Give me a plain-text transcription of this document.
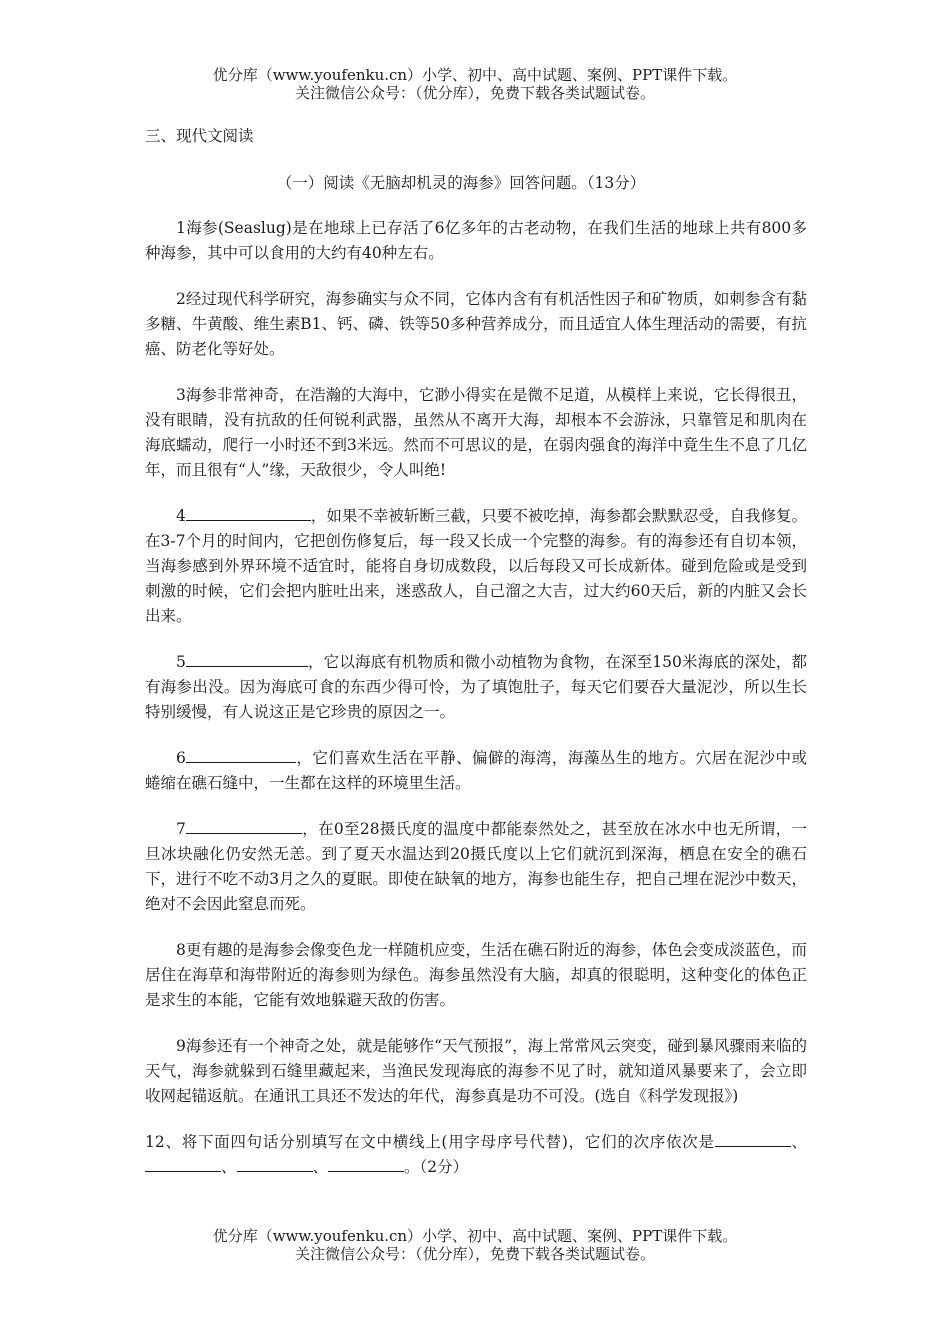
优分库（www.youfenku.cn）小学、初中、高中试题、案例、PPT课件下载。
关注微信公众号：（优分库），免费下载各类试题试卷。
三、现代文阅读
（一）阅读《无脑却机灵的海参》回答问题。（13分）

1海参(Seaslug)是在地球上已存活了6亿多年的古老动物，在我们生活的地球上共有800多种海参，其中可以食用的大约有40种左右。

2经过现代科学研究，海参确实与众不同，它体内含有有机活性因子和矿物质，如刺参含有黏多糖、牛黄酸、维生素B1、钙、磷、铁等50多种营养成分，而且适宜人体生理活动的需要，有抗癌、防老化等好处。

3海参非常神奇，在浩瀚的大海中，它渺小得实在是微不足道，从模样上来说，它长得很丑，没有眼睛，没有抗敌的任何锐利武器，虽然从不离开大海，却根本不会游泳，只靠管足和肌肉在海底蠕动，爬行一小时还不到3米远。然而不可思议的是，在弱肉强食的海洋中竟生生不息了几亿年，而且很有“人”缘，天敌很少，令人叫绝!

4	，如果不幸被斩断三截，只要不被吃掉，海参都会默默忍受，自我修复。在3-7个月的时间内，它把创伤修复后，每一段又长成一个完整的海参。有的海参还有自切本领，当海参感到外界环境不适宜时，能将自身切成数段，以后每段又可长成新体。碰到危险或是受到刺激的时候，它们会把内脏吐出来，迷惑敌人，自己溜之大吉，过大约60天后，新的内脏又会长出来。

5	，它以海底有机物质和微小动植物为食物，在深至150米海底的深处，都有海参出没。因为海底可食的东西少得可怜，为了填饱肚子，每天它们要吞大量泥沙，所以生长特别缓慢，有人说这正是它珍贵的原因之一。

6	，它们喜欢生活在平静、偏僻的海湾，海藻丛生的地方。穴居在泥沙中或蜷缩在礁石缝中，一生都在这样的环境里生活。

7	，在0至28摄氏度的温度中都能泰然处之，甚至放在冰水中也无所谓，一旦冰块融化仍安然无恙。到了夏天水温达到20摄氏度以上它们就沉到深海，栖息在安全的礁石下，进行不吃不动3月之久的夏眠。即使在缺氧的地方，海参也能生存，把自己埋在泥沙中数天，绝对不会因此窒息而死。

8更有趣的是海参会像变色龙一样随机应变，生活在礁石附近的海参，体色会变成淡蓝色，而居住在海草和海带附近的海参则为绿色。海参虽然没有大脑，却真的很聪明，这种变化的体色正是求生的本能，它能有效地躲避天敌的伤害。

9海参还有一个神奇之处，就是能够作“天气预报”，海上常常风云突变，碰到暴风骤雨来临的天气，海参就躲到石缝里藏起来，当渔民发现海底的海参不见了时，就知道风暴要来了，会立即收网起锚返航。在通讯工具还不发达的年代，海参真是功不可没。(选自《科学发现报》)

12、将下面四句话分别填写在文中横线上(用字母序号代替)，它们的次序依次是	、、	、	。（2分）

优分库（www.youfenku.cn）小学、初中、高中试题、案例、PPT课件下载。
关注微信公众号：（优分库），免费下载各类试题试卷。
